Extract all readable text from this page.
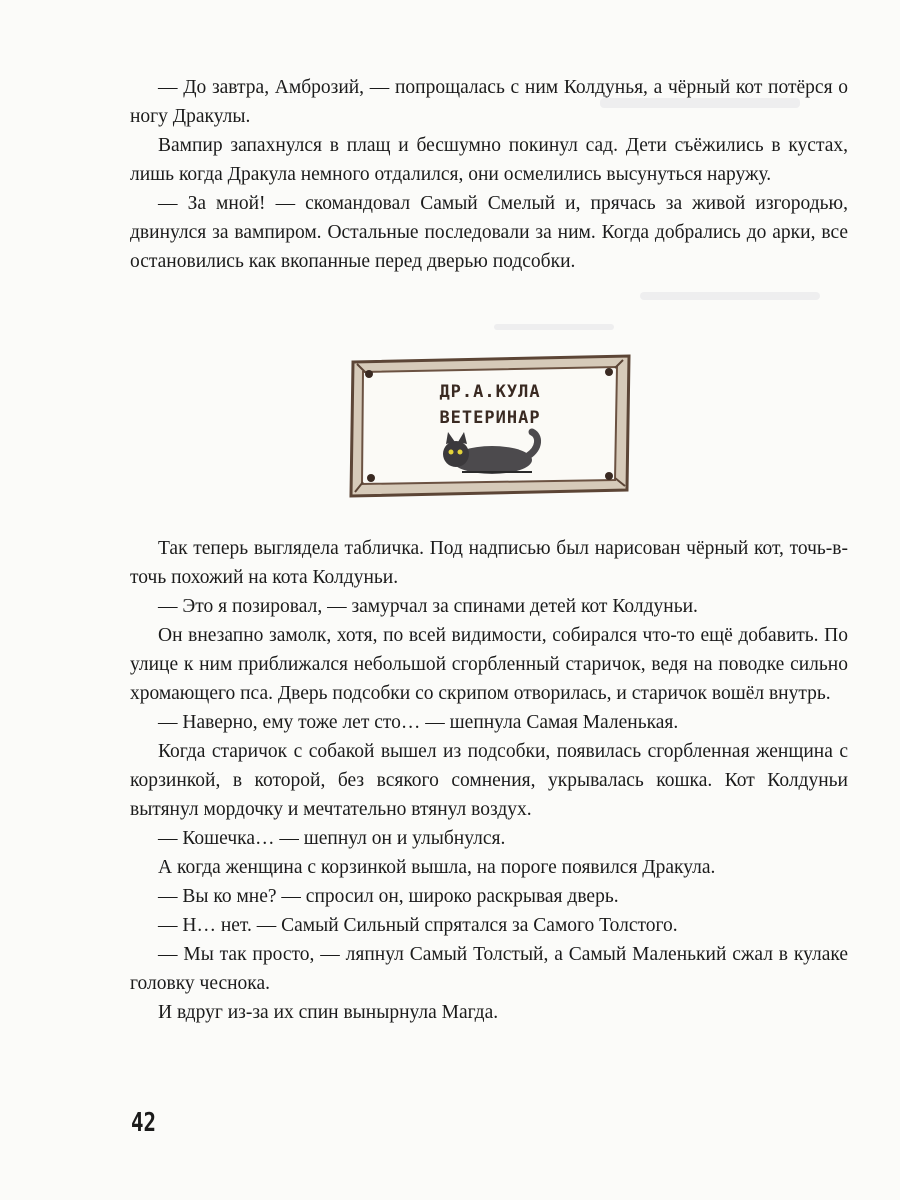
— До завтра, Амброзий, — попрощалась с ним Колдунья, а чёрный кот потёрся о ногу Дракулы.

Вампир запахнулся в плащ и бесшумно покинул сад. Дети съёжились в кустах, лишь когда Дракула немного отдалился, они осмелились высунуться наружу.

— За мной! — скомандовал Самый Смелый и, прячась за живой изгородью, двинулся за вампиром. Остальные последовали за ним. Когда добрались до арки, все остановились как вкопанные перед дверью подсобки.

ДР.А.КУЛА
ВЕТЕРИНАР

Так теперь выглядела табличка. Под надписью был нарисован чёрный кот, точь-в-точь похожий на кота Колдуньи.

— Это я позировал, — замурчал за спинами детей кот Колдуньи.

Он внезапно замолк, хотя, по всей видимости, собирался что-то ещё добавить. По улице к ним приближался небольшой сгорбленный старичок, ведя на поводке сильно хромающего пса. Дверь подсобки со скрипом отворилась, и старичок вошёл внутрь.

— Наверно, ему тоже лет сто… — шепнула Самая Маленькая.

Когда старичок с собакой вышел из подсобки, появилась сгорбленная женщина с корзинкой, в которой, без всякого сомнения, укрывалась кошка. Кот Колдуньи вытянул мордочку и мечтательно втянул воздух.

— Кошечка… — шепнул он и улыбнулся.

А когда женщина с корзинкой вышла, на пороге появился Дракула.

— Вы ко мне? — спросил он, широко раскрывая дверь.

— Н… нет. — Самый Сильный спрятался за Самого Толстого.

— Мы так просто, — ляпнул Самый Толстый, а Самый Маленький сжал в кулаке головку чеснока.

И вдруг из-за их спин вынырнула Магда.

42
